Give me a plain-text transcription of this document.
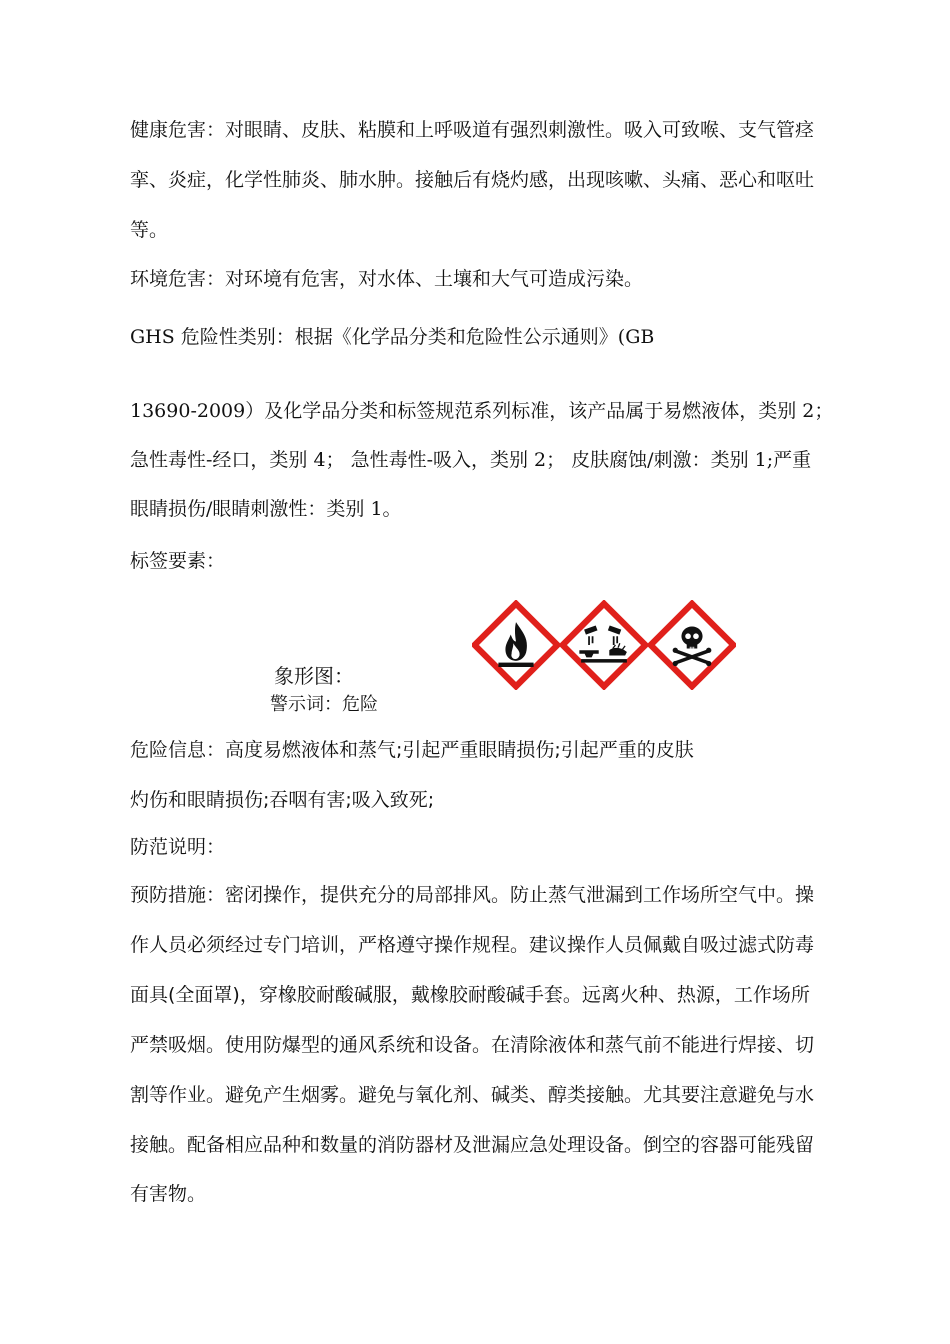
健康危害：对眼睛、皮肤、粘膜和上呼吸道有强烈刺激性。吸入可致喉、支气管痉

挛、炎症，化学性肺炎、肺水肿。接触后有烧灼感，出现咳嗽、头痛、恶心和呕吐

等。

环境危害：对环境有危害，对水体、土壤和大气可造成污染。

GHS 危险性类别：根据《化学品分类和危险性公示通则》(GB

13690-2009）及化学品分类和标签规范系列标准，该产品属于易燃液体，类别 2；

急性毒性-经口，类别 4； 急性毒性-吸入，类别 2； 皮肤腐蚀/刺激：类别 1;严重

眼睛损伤/眼睛刺激性：类别 1。

标签要素：

象形图：

警示词：危险

危险信息：高度易燃液体和蒸气;引起严重眼睛损伤;引起严重的皮肤

灼伤和眼睛损伤;吞咽有害;吸入致死;

防范说明：

预防措施：密闭操作，提供充分的局部排风。防止蒸气泄漏到工作场所空气中。操

作人员必须经过专门培训，严格遵守操作规程。建议操作人员佩戴自吸过滤式防毒

面具(全面罩)，穿橡胶耐酸碱服，戴橡胶耐酸碱手套。远离火种、热源，工作场所

严禁吸烟。使用防爆型的通风系统和设备。在清除液体和蒸气前不能进行焊接、切

割等作业。避免产生烟雾。避免与氧化剂、碱类、醇类接触。尤其要注意避免与水

接触。配备相应品种和数量的消防器材及泄漏应急处理设备。倒空的容器可能残留

有害物。
